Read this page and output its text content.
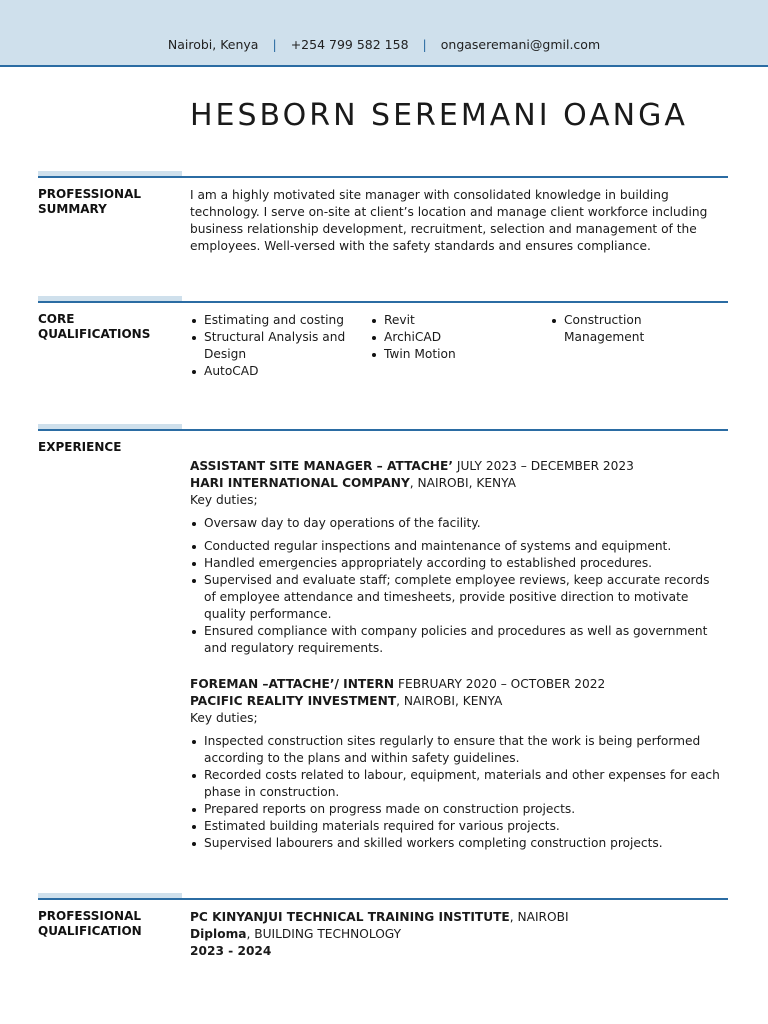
Nairobi, Kenya | +254 799 582 158 | ongaseremani@gmil.com
HESBORN SEREMANI OANGA
PROFESSIONAL SUMMARY
I am a highly motivated site manager with consolidated knowledge in building technology. I serve on-site at client’s location and manage client workforce including business relationship development, recruitment, selection and management of the employees. Well-versed with the safety standards and ensures compliance.
CORE QUALIFICATIONS
Estimating and costing
Structural Analysis and Design
AutoCAD
Revit
ArchiCAD
Twin Motion
Construction Management
EXPERIENCE
ASSISTANT SITE MANAGER – ATTACHE’ JULY 2023 – DECEMBER 2023
HARI INTERNATIONAL COMPANY, NAIROBI, KENYA
Key duties;
Oversaw day to day operations of the facility.
Conducted regular inspections and maintenance of systems and equipment.
Handled emergencies appropriately according to established procedures.
Supervised and evaluate staff; complete employee reviews, keep accurate records of employee attendance and timesheets, provide positive direction to motivate quality performance.
Ensured compliance with company policies and procedures as well as government and regulatory requirements.
FOREMAN –ATTACHE’/ INTERN FEBRUARY 2020 – OCTOBER 2022
PACIFIC REALITY INVESTMENT, NAIROBI, KENYA
Key duties;
Inspected construction sites regularly to ensure that the work is being performed according to the plans and within safety guidelines.
Recorded costs related to labour, equipment, materials and other expenses for each phase in construction.
Prepared reports on progress made on construction projects.
Estimated building materials required for various projects.
Supervised labourers and skilled workers completing construction projects.
PROFESSIONAL QUALIFICATION
PC KINYANJUI TECHNICAL TRAINING INSTITUTE, NAIROBI
Diploma, BUILDING TECHNOLOGY
2023 - 2024
